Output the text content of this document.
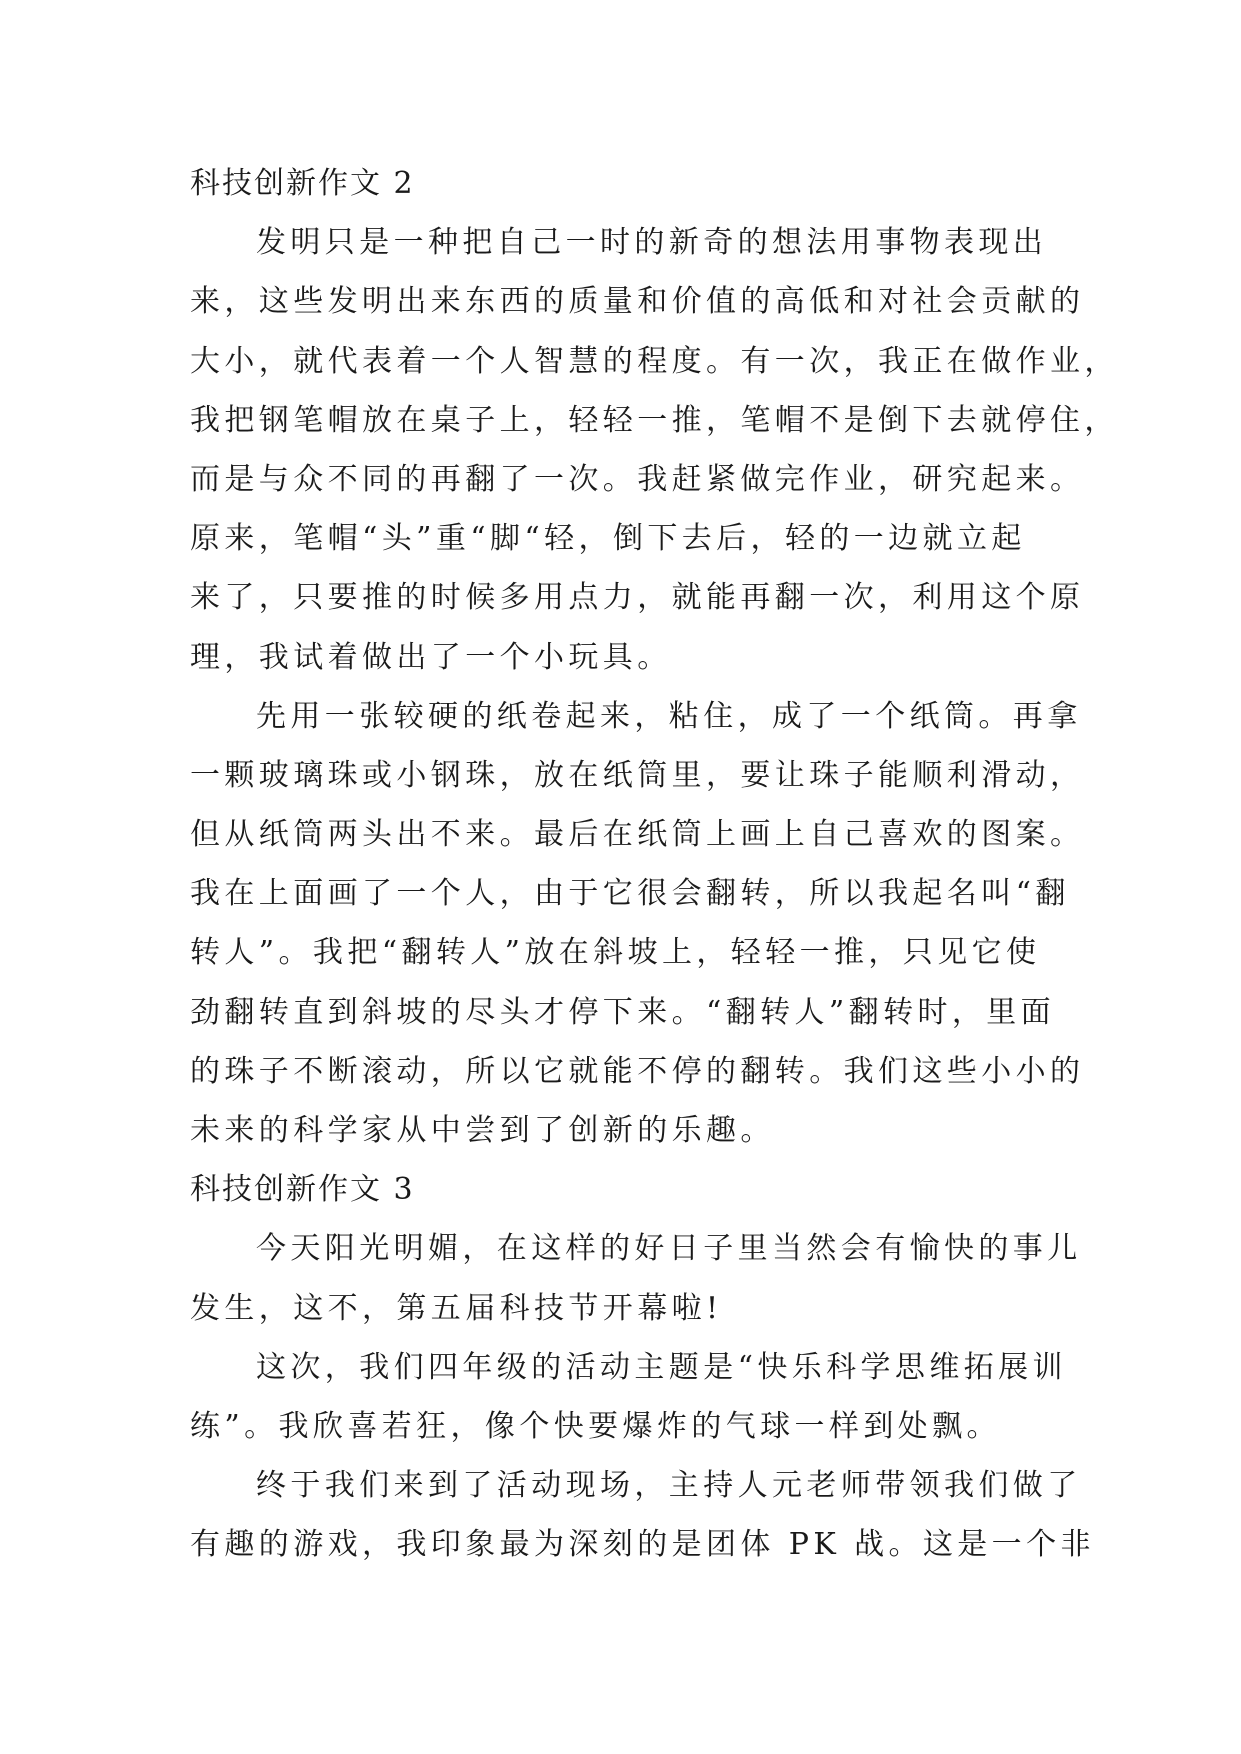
科技创新作文 2
发明只是一种把自己一时的新奇的想法用事物表现出
来，这些发明出来东西的质量和价值的高低和对社会贡献的
大小，就代表着一个人智慧的程度。有一次，我正在做作业，
我把钢笔帽放在桌子上，轻轻一推，笔帽不是倒下去就停住，
而是与众不同的再翻了一次。我赶紧做完作业，研究起来。
原来，笔帽“头”重“脚“轻，倒下去后，轻的一边就立起
来了，只要推的时候多用点力，就能再翻一次，利用这个原
理，我试着做出了一个小玩具。
先用一张较硬的纸卷起来，粘住，成了一个纸筒。再拿
一颗玻璃珠或小钢珠，放在纸筒里，要让珠子能顺利滑动，
但从纸筒两头出不来。最后在纸筒上画上自己喜欢的图案。
我在上面画了一个人，由于它很会翻转，所以我起名叫“翻
转人”。我把“翻转人”放在斜坡上，轻轻一推，只见它使
劲翻转直到斜坡的尽头才停下来。“翻转人”翻转时，里面
的珠子不断滚动，所以它就能不停的翻转。我们这些小小的
未来的科学家从中尝到了创新的乐趣。
科技创新作文 3
今天阳光明媚，在这样的好日子里当然会有愉快的事儿
发生，这不，第五届科技节开幕啦!
这次，我们四年级的活动主题是“快乐科学思维拓展训
练”。我欣喜若狂，像个快要爆炸的气球一样到处飘。
终于我们来到了活动现场，主持人元老师带领我们做了
有趣的游戏，我印象最为深刻的是团体 PK 战。这是一个非
